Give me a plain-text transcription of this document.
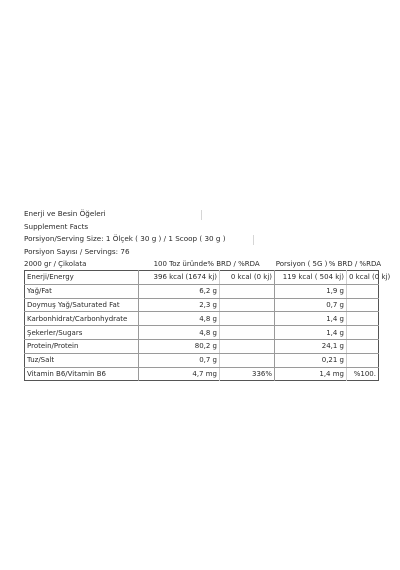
Enerji ve Besin Öğeleri
Supplement Facts
Porsiyon/Serving Size: 1 Ölçek ( 30 g ) / 1 Scoop ( 30 g )
Porsiyon Sayısı / Servings: 76
2000 gr / Çikolata	100 Toz üründe % BRD / %RDA	Porsiyon ( 5G ) % BRD / %RDA
Enerji/Energy	396 kcal (1674 kj)	0 kcal (0 kj)	119 kcal ( 504 kj)	0 kcal (0 kj)
Yağ/Fat	6,2 g		1,9 g	
Doymuş Yağ/Saturated Fat	2,3 g		0,7 g	
Karbonhidrat/Carbonhydrate	4,8 g		1,4 g	
Şekerler/Sugars	4,8 g		1,4 g	
Protein/Protein	80,2 g		24,1 g	
Tuz/Salt	0,7 g		0,21 g	
Vitamin B6/Vitamin B6	4,7 mg	336%	1,4 mg	%100.
